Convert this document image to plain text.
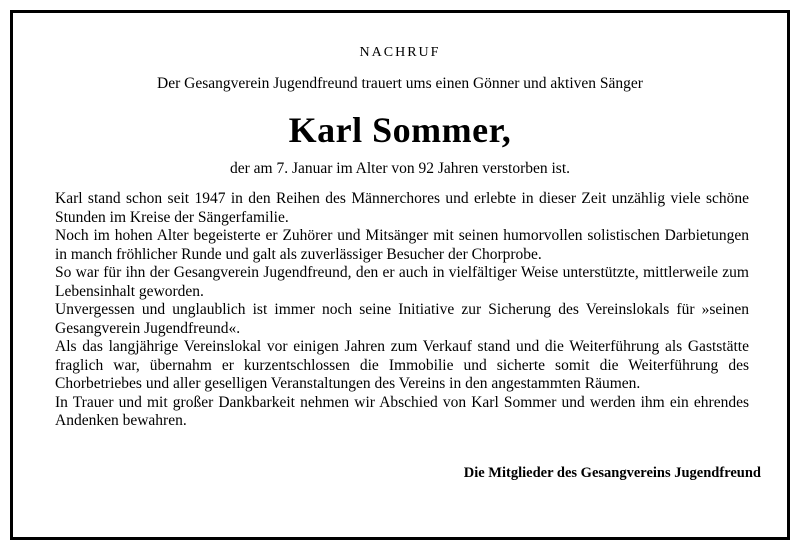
NACHRUF
Der Gesangverein Jugendfreund trauert ums einen Gönner und aktiven Sänger
Karl Sommer,
der am 7. Januar im Alter von 92 Jahren verstorben ist.

Karl stand schon seit 1947 in den Reihen des Männerchores und erlebte in dieser Zeit unzählig viele schöne Stunden im Kreise der Sängerfamilie.

Noch im hohen Alter begeisterte er Zuhörer und Mitsänger mit seinen humorvollen solistischen Darbietungen in manch fröhlicher Runde und galt als zuverlässiger Besucher der Chorprobe.

So war für ihn der Gesangverein Jugendfreund, den er auch in vielfältiger Weise unterstützte, mittlerweile zum Lebensinhalt geworden.

Unvergessen und unglaublich ist immer noch seine Initiative zur Sicherung des Vereinslokals für »seinen Gesangverein Jugendfreund«.

Als das langjährige Vereinslokal vor einigen Jahren zum Verkauf stand und die Weiterführung als Gaststätte fraglich war, übernahm er kurzentschlossen die Immobilie und sicherte somit die Weiterführung des Chorbetriebes und aller geselligen Veranstaltungen des Vereins in den angestammten Räumen.

In Trauer und mit großer Dankbarkeit nehmen wir Abschied von Karl Sommer und werden ihm ein ehrendes Andenken bewahren.

Die Mitglieder des Gesangvereins Jugendfreund
